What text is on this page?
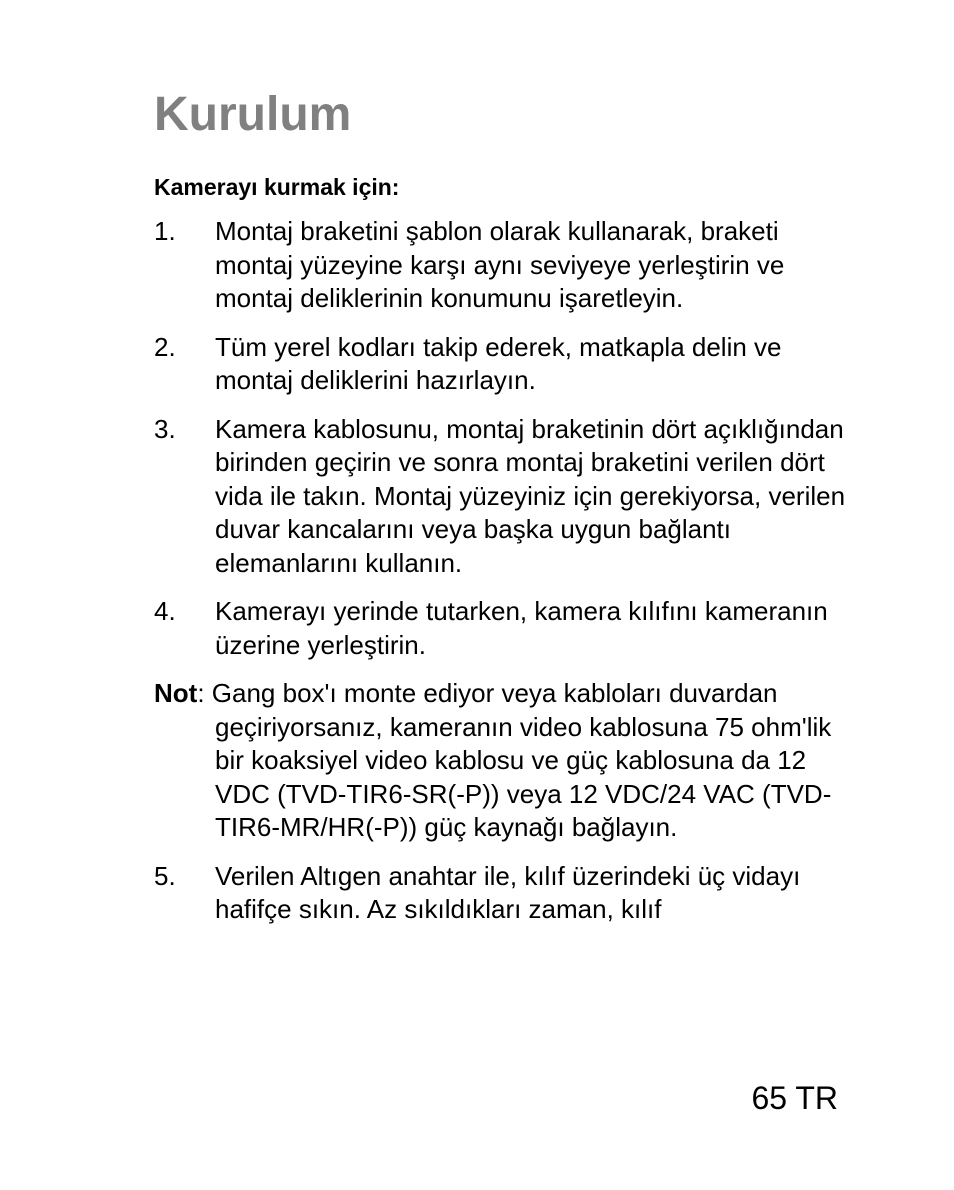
Kurulum

Kamerayı kurmak için:

1.	Montaj braketini şablon olarak kullanarak, braketi montaj yüzeyine karşı aynı seviyeye yerleştirin ve montaj deliklerinin konumunu işaretleyin.
2.	Tüm yerel kodları takip ederek, matkapla delin ve montaj deliklerini hazırlayın.
3.	Kamera kablosunu, montaj braketinin dört açıklığından birinden geçirin ve sonra montaj braketini verilen dört vida ile takın. Montaj yüzeyiniz için gerekiyorsa, verilen duvar kancalarını veya başka uygun bağlantı elemanlarını kullanın.
4.	Kamerayı yerinde tutarken, kamera kılıfını kameranın üzerine yerleştirin.

Not: Gang box'ı monte ediyor veya kabloları duvardan geçiriyorsanız, kameranın video kablosuna 75 ohm'lik bir koaksiyel video kablosu ve güç kablosuna da 12 VDC (TVD-TIR6-SR(-P)) veya 12 VDC/24 VAC (TVD-TIR6-MR/HR(-P)) güç kaynağı bağlayın.

5.	Verilen Altıgen anahtar ile, kılıf üzerindeki üç vidayı hafifçe sıkın. Az sıkıldıkları zaman, kılıf
65 TR
